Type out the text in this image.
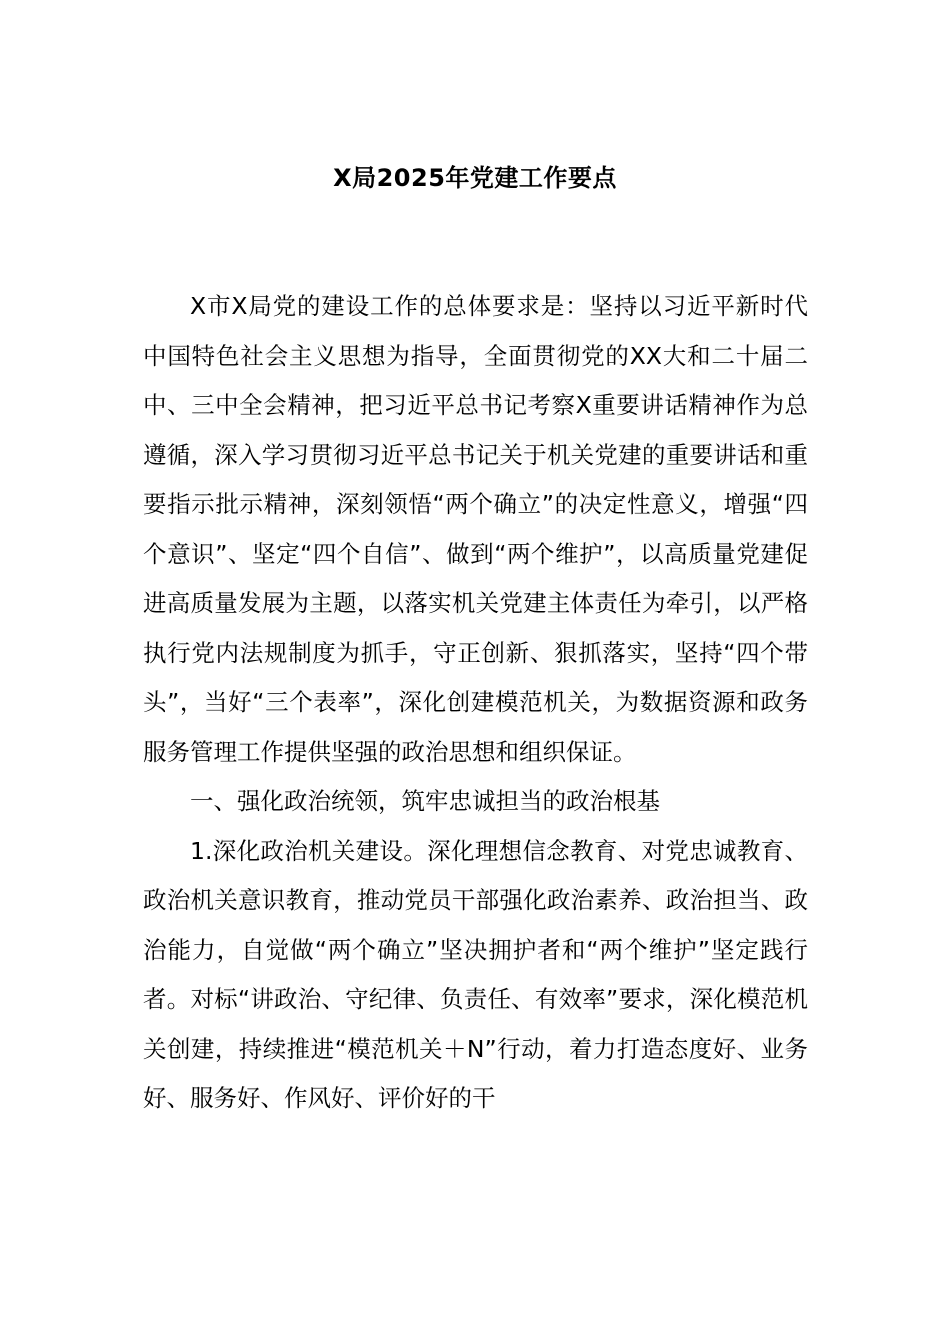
X局2025年党建工作要点

X市X局党的建设工作的总体要求是：坚持以习近平新时代中国特色社会主义思想为指导，全面贯彻党的XX大和二十届二中、三中全会精神，把习近平总书记考察X重要讲话精神作为总遵循，深入学习贯彻习近平总书记关于机关党建的重要讲话和重要指示批示精神，深刻领悟“两个确立”的决定性意义，增强“四个意识”、坚定“四个自信”、做到“两个维护”，以高质量党建促进高质量发展为主题，以落实机关党建主体责任为牵引，以严格执行党内法规制度为抓手，守正创新、狠抓落实，坚持“四个带头”，当好“三个表率”，深化创建模范机关，为数据资源和政务服务管理工作提供坚强的政治思想和组织保证。

一、强化政治统领，筑牢忠诚担当的政治根基

1.深化政治机关建设。深化理想信念教育、对党忠诚教育、政治机关意识教育，推动党员干部强化政治素养、政治担当、政治能力，自觉做“两个确立”坚决拥护者和“两个维护”坚定践行者。对标“讲政治、守纪律、负责任、有效率”要求，深化模范机关创建，持续推进“模范机关＋N”行动，着力打造态度好、业务好、服务好、作风好、评价好的干
